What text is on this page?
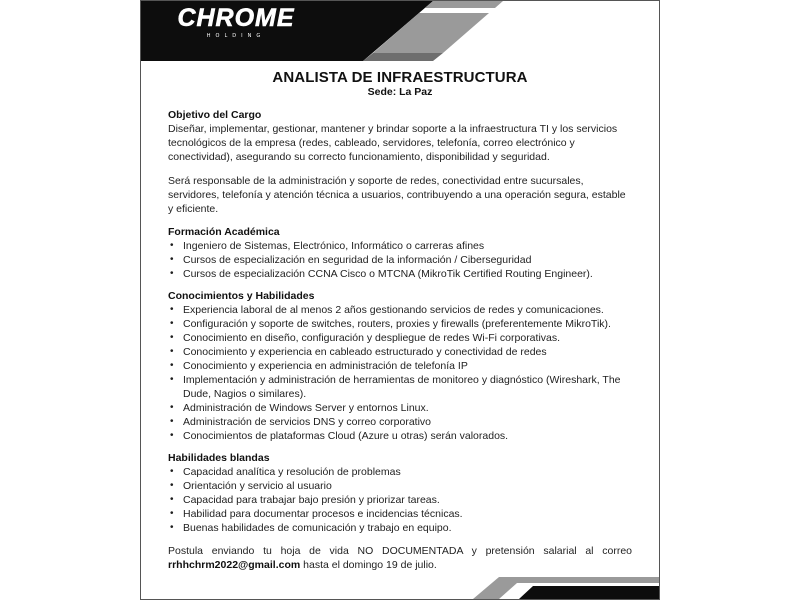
CHROME
HOLDING
ANALISTA DE INFRAESTRUCTURA
Sede: La Paz
Objetivo del Cargo

Diseñar, implementar, gestionar, mantener y brindar soporte a la infraestructura TI y los servicios tecnológicos de la empresa (redes, cableado, servidores, telefonía, correo electrónico y conectividad), asegurando su correcto funcionamiento, disponibilidad y seguridad.

Será responsable de la administración y soporte de redes, conectividad entre sucursales, servidores, telefonía y atención técnica a usuarios, contribuyendo a una operación segura, estable y eficiente.

Formación Académica
• Ingeniero de Sistemas, Electrónico, Informático o carreras afines
• Cursos de especialización en seguridad de la información / Ciberseguridad
• Cursos de especialización CCNA Cisco o MTCNA (MikroTik Certified Routing Engineer).
Conocimientos y Habilidades
• Experiencia laboral de al menos 2 años gestionando servicios de redes y comunicaciones.
• Configuración y soporte de switches, routers, proxies y firewalls (preferentemente MikroTik).
• Conocimiento en diseño, configuración y despliegue de redes Wi-Fi corporativas.
• Conocimiento y experiencia en cableado estructurado y conectividad de redes
• Conocimiento y experiencia en administración de telefonía IP
• Implementación y administración de herramientas de monitoreo y diagnóstico (Wireshark, The Dude, Nagios o similares).
• Administración de Windows Server y entornos Linux.
• Administración de servicios DNS y correo corporativo
• Conocimientos de plataformas Cloud (Azure u otras) serán valorados.
Habilidades blandas
• Capacidad analítica y resolución de problemas
• Orientación y servicio al usuario
• Capacidad para trabajar bajo presión y priorizar tareas.
• Habilidad para documentar procesos e incidencias técnicas.
• Buenas habilidades de comunicación y trabajo en equipo.

Postula enviando tu hoja de vida NO DOCUMENTADA y pretensión salarial al correo rrhhchrm2022@gmail.com hasta el domingo 19 de julio.
